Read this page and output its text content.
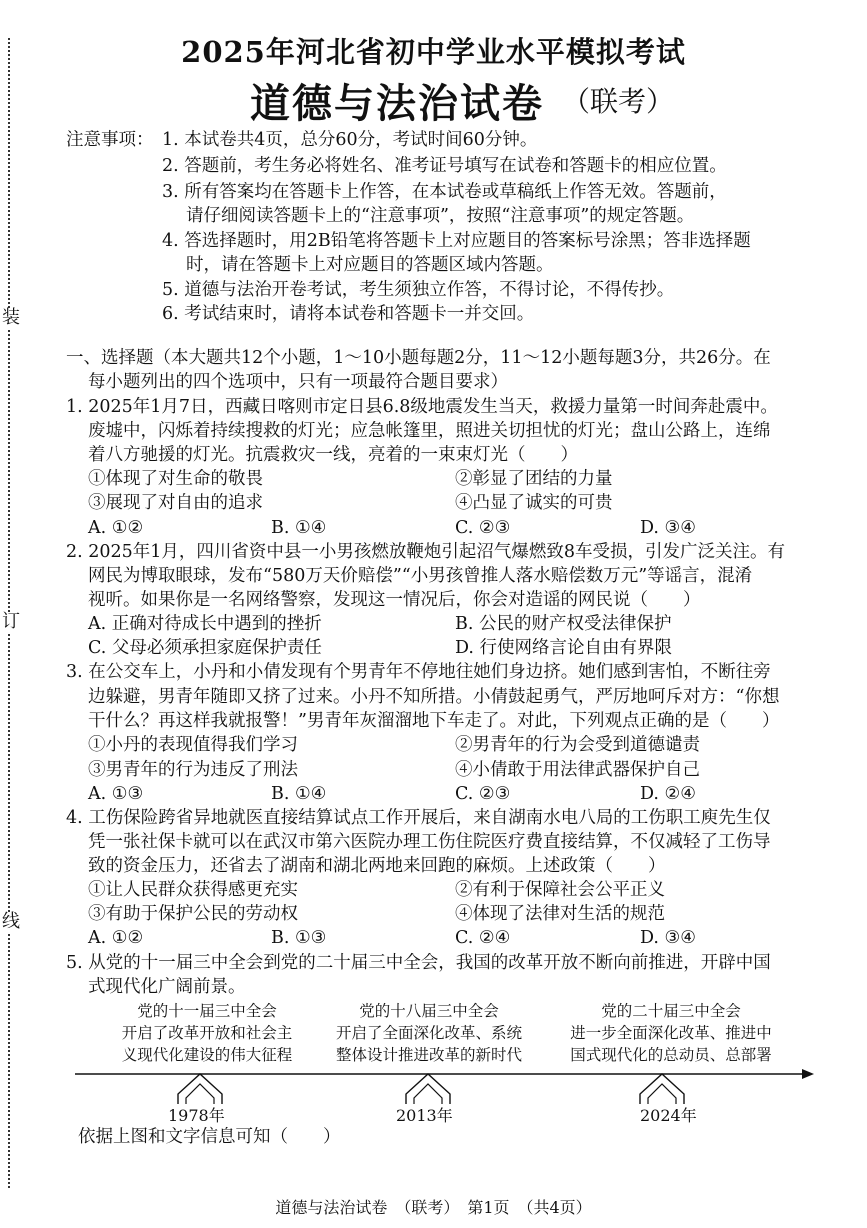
装
订
线
2025年河北省初中学业水平模拟考试
道德与法治试卷 （联考）
注意事项： 1. 本试卷共4页，总分60分，考试时间60分钟。
2. 答题前，考生务必将姓名、准考证号填写在试卷和答题卡的相应位置。
3. 所有答案均在答题卡上作答，在本试卷或草稿纸上作答无效。答题前，
请仔细阅读答题卡上的“注意事项”，按照“注意事项”的规定答题。
4. 答选择题时，用2B铅笔将答题卡上对应题目的答案标号涂黑；答非选择题
时，请在答题卡上对应题目的答题区域内答题。
5. 道德与法治开卷考试，考生须独立作答，不得讨论，不得传抄。
6. 考试结束时，请将本试卷和答题卡一并交回。
一、选择题（本大题共12个小题，1～10小题每题2分，11～12小题每题3分，共26分。在
每小题列出的四个选项中，只有一项最符合题目要求）
1. 2025年1月7日，西藏日喀则市定日县6.8级地震发生当天，救援力量第一时间奔赴震中。
废墟中，闪烁着持续搜救的灯光；应急帐篷里，照进关切担忧的灯光；盘山公路上，连绵
着八方驰援的灯光。抗震救灾一线，亮着的一束束灯光（　　）
①体现了对生命的敬畏	②彰显了团结的力量
③展现了对自由的追求	④凸显了诚实的可贵
A. ①②	B. ①④	C. ②③	D. ③④
2. 2025年1月，四川省资中县一小男孩燃放鞭炮引起沼气爆燃致8车受损，引发广泛关注。有
网民为博取眼球，发布“580万天价赔偿”“小男孩曾推人落水赔偿数万元”等谣言，混淆
视听。如果你是一名网络警察，发现这一情况后，你会对造谣的网民说（　　）
A. 正确对待成长中遇到的挫折	B. 公民的财产权受法律保护
C. 父母必须承担家庭保护责任	D. 行使网络言论自由有界限
3. 在公交车上，小丹和小倩发现有个男青年不停地往她们身边挤。她们感到害怕，不断往旁
边躲避，男青年随即又挤了过来。小丹不知所措。小倩鼓起勇气，严厉地呵斥对方：“你想
干什么？再这样我就报警！”男青年灰溜溜地下车走了。对此，下列观点正确的是（　　）
①小丹的表现值得我们学习	②男青年的行为会受到道德谴责
③男青年的行为违反了刑法	④小倩敢于用法律武器保护自己
A. ①③	B. ①④	C. ②③	D. ②④
4. 工伤保险跨省异地就医直接结算试点工作开展后，来自湖南水电八局的工伤职工庾先生仅
凭一张社保卡就可以在武汉市第六医院办理工伤住院医疗费直接结算，不仅减轻了工伤导
致的资金压力，还省去了湖南和湖北两地来回跑的麻烦。上述政策（　　）
①让人民群众获得感更充实	②有利于保障社会公平正义
③有助于保护公民的劳动权	④体现了法律对生活的规范
A. ①②	B. ①③	C. ②④	D. ③④
5. 从党的十一届三中全会到党的二十届三中全会，我国的改革开放不断向前推进，开辟中国
式现代化广阔前景。
党的十一届三中全会
开启了改革开放和社会主
义现代化建设的伟大征程
党的十八届三中全会
开启了全面深化改革、系统
整体设计推进改革的新时代
党的二十届三中全会
进一步全面深化改革、推进中
国式现代化的总动员、总部署
1978年	2013年	2024年
依据上图和文字信息可知（　　）
道德与法治试卷　（联考）　第1页　（共4页）
